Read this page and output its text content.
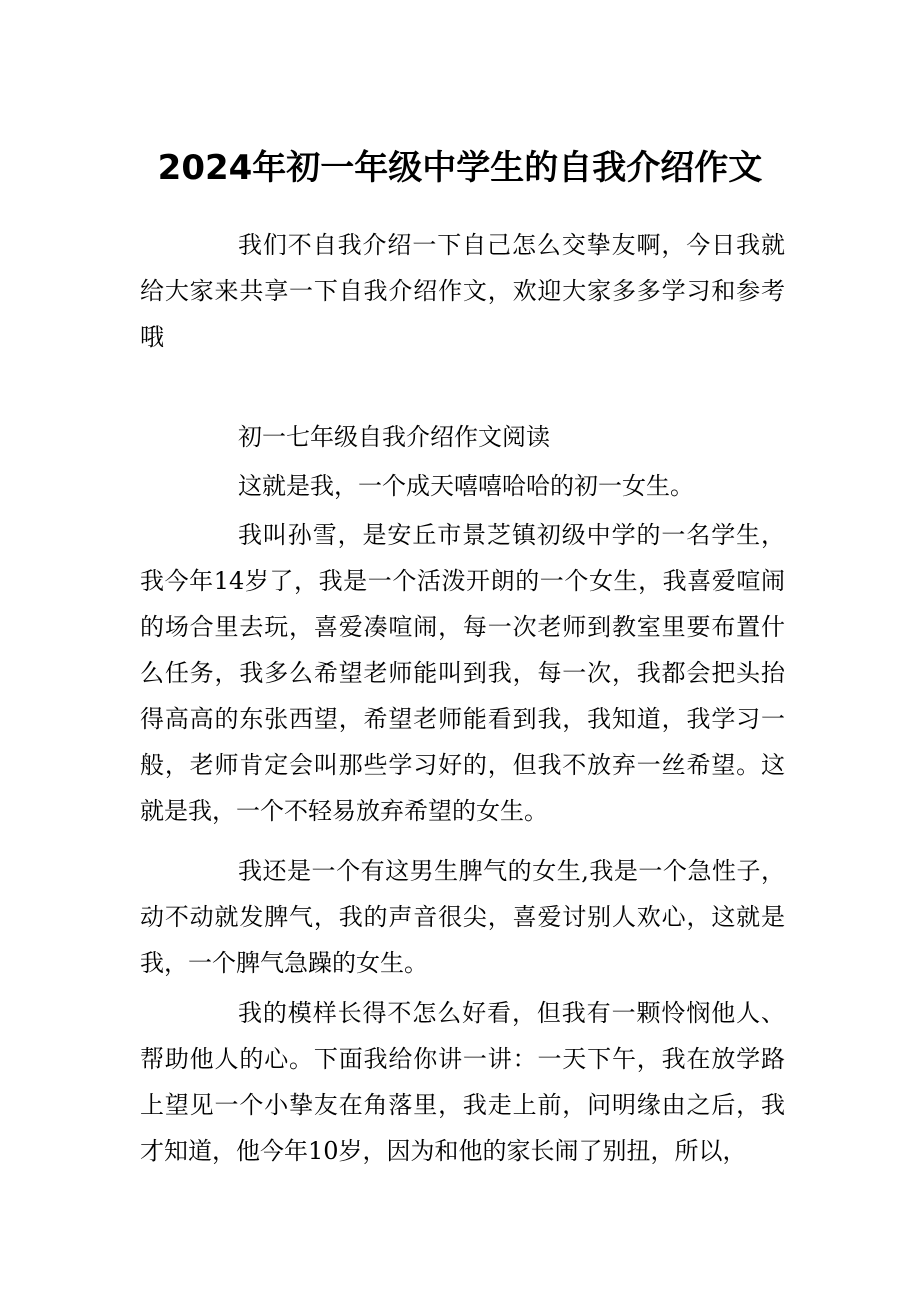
2024年初一年级中学生的自我介绍作文

我们不自我介绍一下自己怎么交挚友啊，今日我就给大家来共享一下自我介绍作文，欢迎大家多多学习和参考哦

初一七年级自我介绍作文阅读

这就是我，一个成天嘻嘻哈哈的初一女生。

我叫孙雪，是安丘市景芝镇初级中学的一名学生，我今年14岁了，我是一个活泼开朗的一个女生，我喜爱喧闹的场合里去玩，喜爱凑喧闹，每一次老师到教室里要布置什么任务，我多么希望老师能叫到我，每一次，我都会把头抬得高高的东张西望，希望老师能看到我，我知道，我学习一般，老师肯定会叫那些学习好的，但我不放弃一丝希望。这就是我，一个不轻易放弃希望的女生。

我还是一个有这男生脾气的女生,我是一个急性子，动不动就发脾气，我的声音很尖，喜爱讨别人欢心，这就是我，一个脾气急躁的女生。

我的模样长得不怎么好看，但我有一颗怜悯他人、帮助他人的心。下面我给你讲一讲：一天下午，我在放学路上望见一个小挚友在角落里，我走上前，问明缘由之后，我才知道，他今年10岁，因为和他的家长闹了别扭，所以，
